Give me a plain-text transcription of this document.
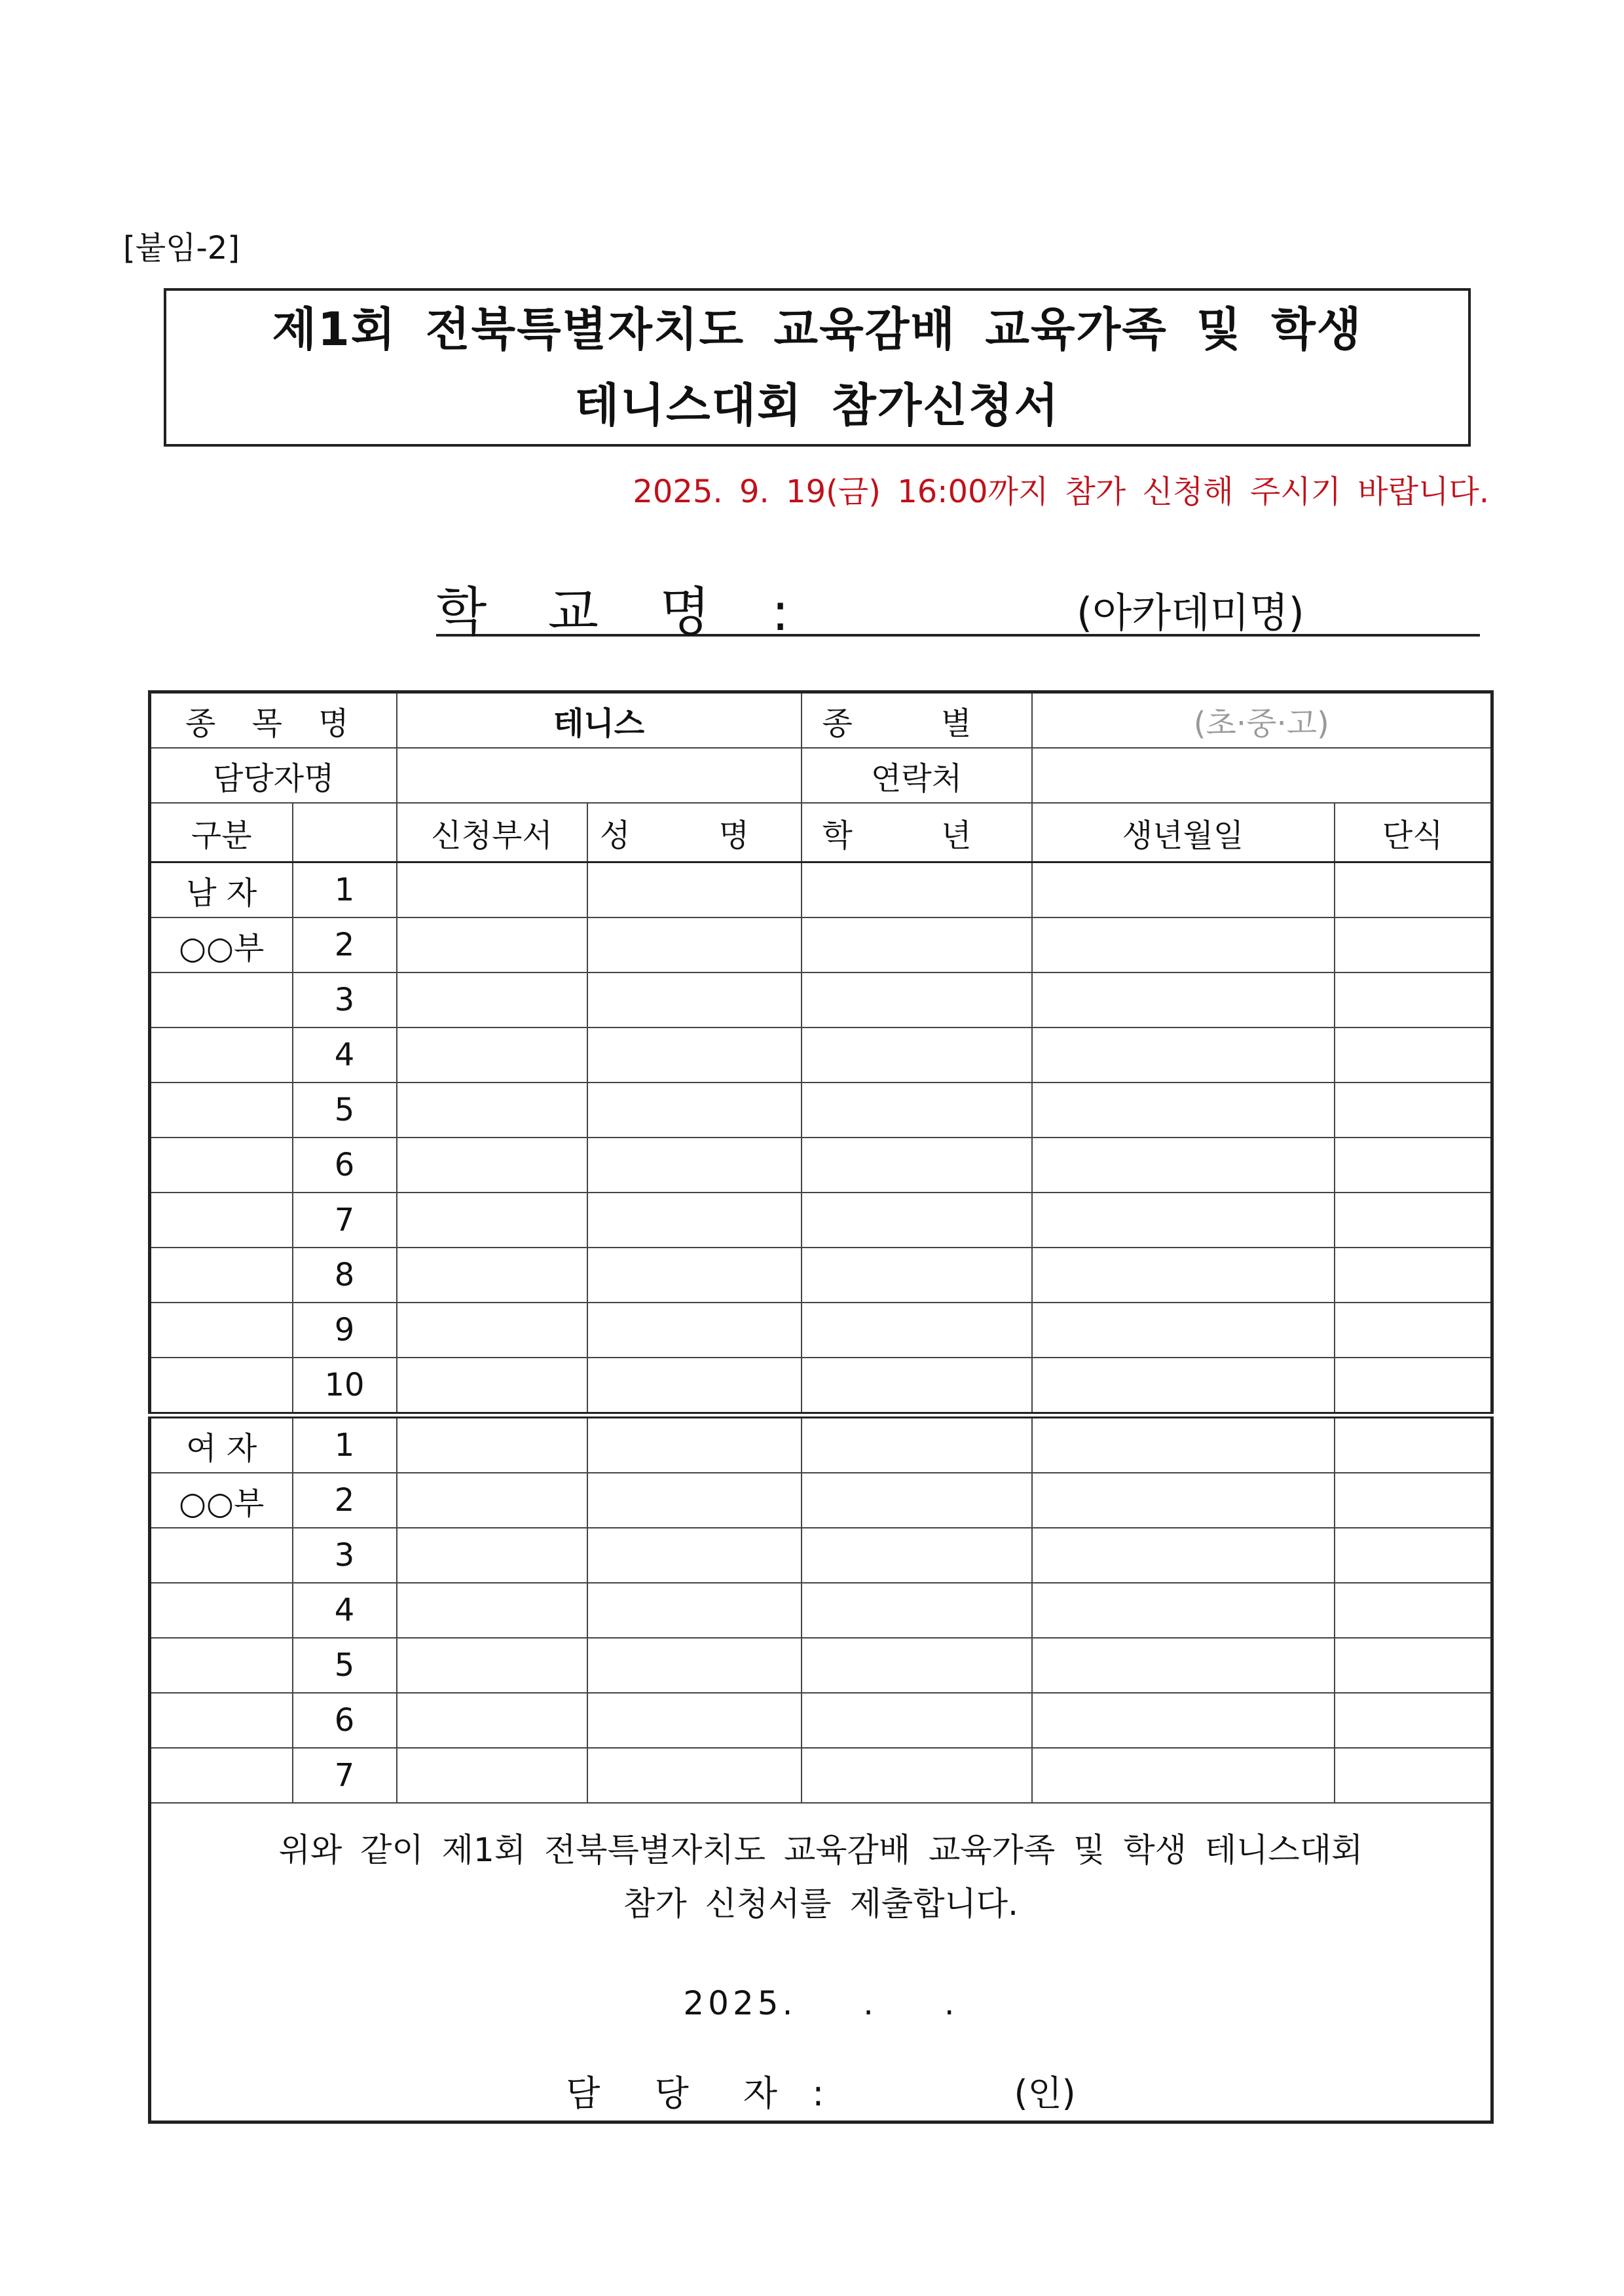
[붙임-2]
제1회 전북특별자치도 교육감배 교육가족 및 학생
테니스대회 참가신청서
2025. 9. 19(금) 16:00까지 참가 신청해 주시기 바랍니다.
학 교 명 :	(아카데미명)
종 목 명		테니스		종 별	(초·중·고)	
담당자명				연락처		
구분		신청부서	성 명	학 년	생년월일	단식
남 자	1					
○○부	2					
	3					
	4					
	5					
	6					
	7					
	8					
	9					
	10					
여 자	1					
○○부	2					
	3					
	4					
	5					
	6					
	7					

위와 같이 제1회 전북특별자치도 교육감배 교육가족 및 학생 테니스대회

참가 신청서를 제출합니다.

2025.   .   .

담 당 자 : (인)						
